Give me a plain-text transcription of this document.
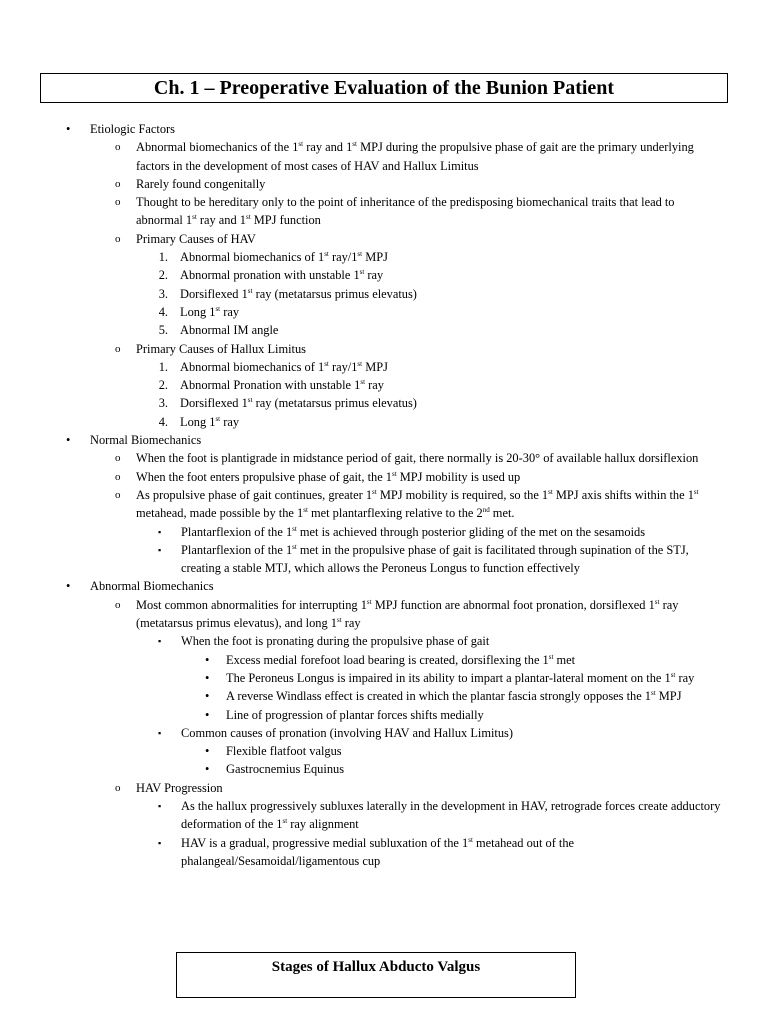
Ch. 1 – Preoperative Evaluation of the Bunion Patient
• Etiologic Factors
o Abnormal biomechanics of the 1st ray and 1st MPJ during the propulsive phase of gait are the primary underlying factors in the development of most cases of HAV and Hallux Limitus
o Rarely found congenitally
o Thought to be hereditary only to the point of inheritance of the predisposing biomechanical traits that lead to abnormal 1st ray and 1st MPJ function
o Primary Causes of HAV
1. Abnormal biomechanics of 1st ray/1st MPJ
2. Abnormal pronation with unstable 1st ray
3. Dorsiflexed 1st ray (metatarsus primus elevatus)
4. Long 1st ray
5. Abnormal IM angle
o Primary Causes of Hallux Limitus
1. Abnormal biomechanics of 1st ray/1st MPJ
2. Abnormal Pronation with unstable 1st ray
3. Dorsiflexed 1st ray (metatarsus primus elevatus)
4. Long 1st ray
• Normal Biomechanics
o When the foot is plantigrade in midstance period of gait, there normally is 20-30° of available hallux dorsiflexion
o When the foot enters propulsive phase of gait, the 1st MPJ mobility is used up
o As propulsive phase of gait continues, greater 1st MPJ mobility is required, so the 1st MPJ axis shifts within the 1st metahead, made possible by the 1st met plantarflexing relative to the 2nd met.
▪ Plantarflexion of the 1st met is achieved through posterior gliding of the met on the sesamoids
▪ Plantarflexion of the 1st met in the propulsive phase of gait is facilitated through supination of the STJ, creating a stable MTJ, which allows the Peroneus Longus to function effectively
• Abnormal Biomechanics
o Most common abnormalities for interrupting 1st MPJ function are abnormal foot pronation, dorsiflexed 1st ray (metatarsus primus elevatus), and long 1st ray
▪ When the foot is pronating during the propulsive phase of gait
• Excess medial forefoot load bearing is created, dorsiflexing the 1st met
• The Peroneus Longus is impaired in its ability to impart a plantar-lateral moment on the 1st ray
• A reverse Windlass effect is created in which the plantar fascia strongly opposes the 1st MPJ
• Line of progression of plantar forces shifts medially
▪ Common causes of pronation (involving HAV and Hallux Limitus)
• Flexible flatfoot valgus
• Gastrocnemius Equinus
o HAV Progression
▪ As the hallux progressively subluxes laterally in the development in HAV, retrograde forces create adductory deformation of the 1st ray alignment
▪ HAV is a gradual, progressive medial subluxation of the 1st metahead out of the phalangeal/Sesamoidal/ligamentous cup
Stages of Hallux Abducto Valgus
